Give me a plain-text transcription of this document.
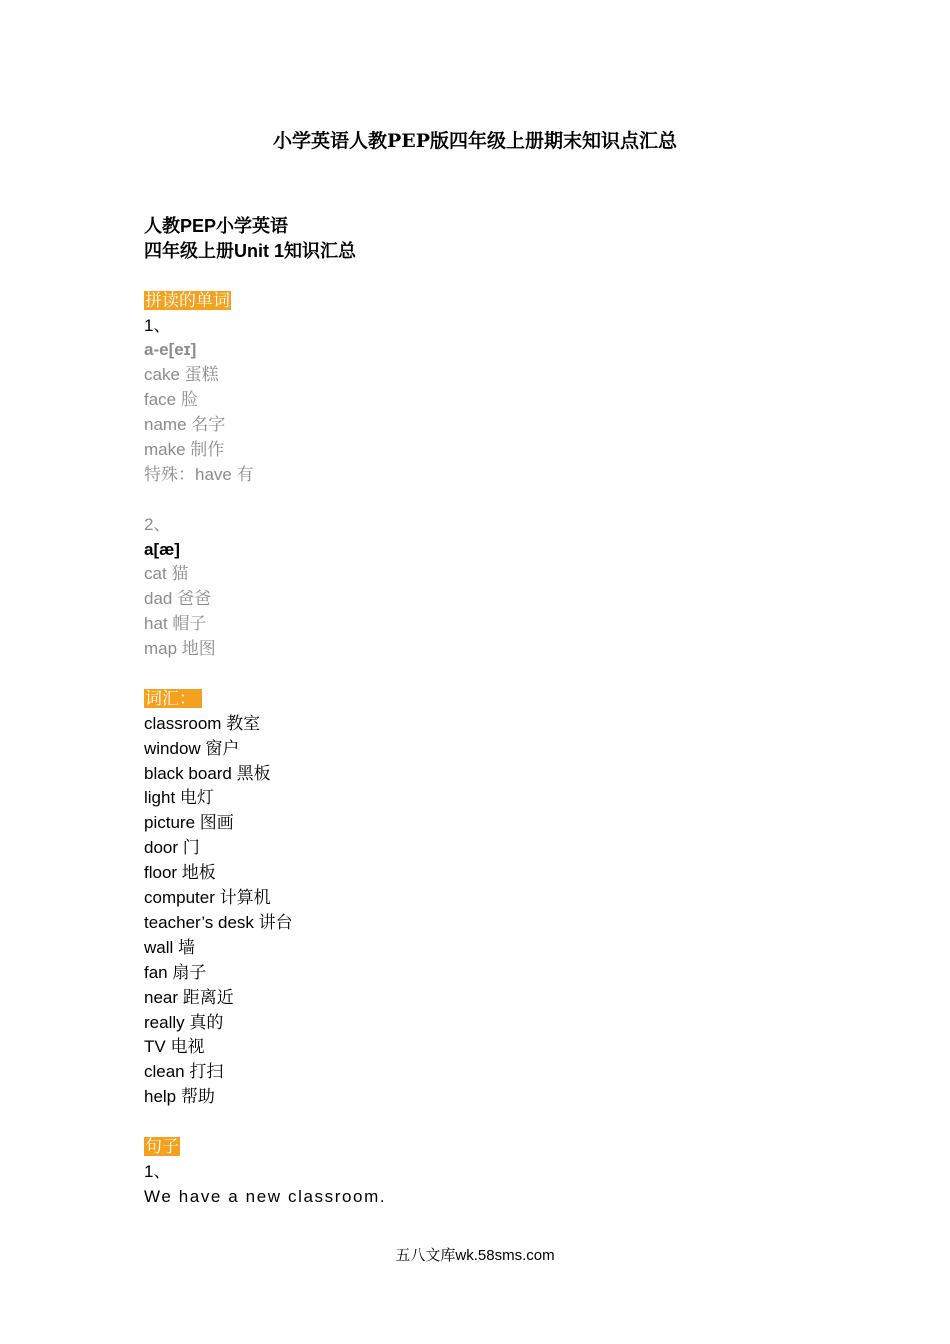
小学英语人教PEP版四年级上册期末知识点汇总
人教PEP小学英语
四年级上册Unit 1知识汇总
拼读的单词
1、
a-e[eɪ]
cake 蛋糕
face 脸
name 名字
make 制作
特殊：have 有
2、
a[æ]
cat 猫
dad 爸爸
hat 帽子
map 地图
词汇：
classroom 教室
window 窗户
black board 黑板
light 电灯
picture 图画
door 门
floor 地板
computer 计算机
teacher’s desk 讲台
wall 墙
fan 扇子
near 距离近
really 真的
TV 电视
clean 打扫
help 帮助
句子
1、
We have a new classroom.
五八文库wk.58sms.com
